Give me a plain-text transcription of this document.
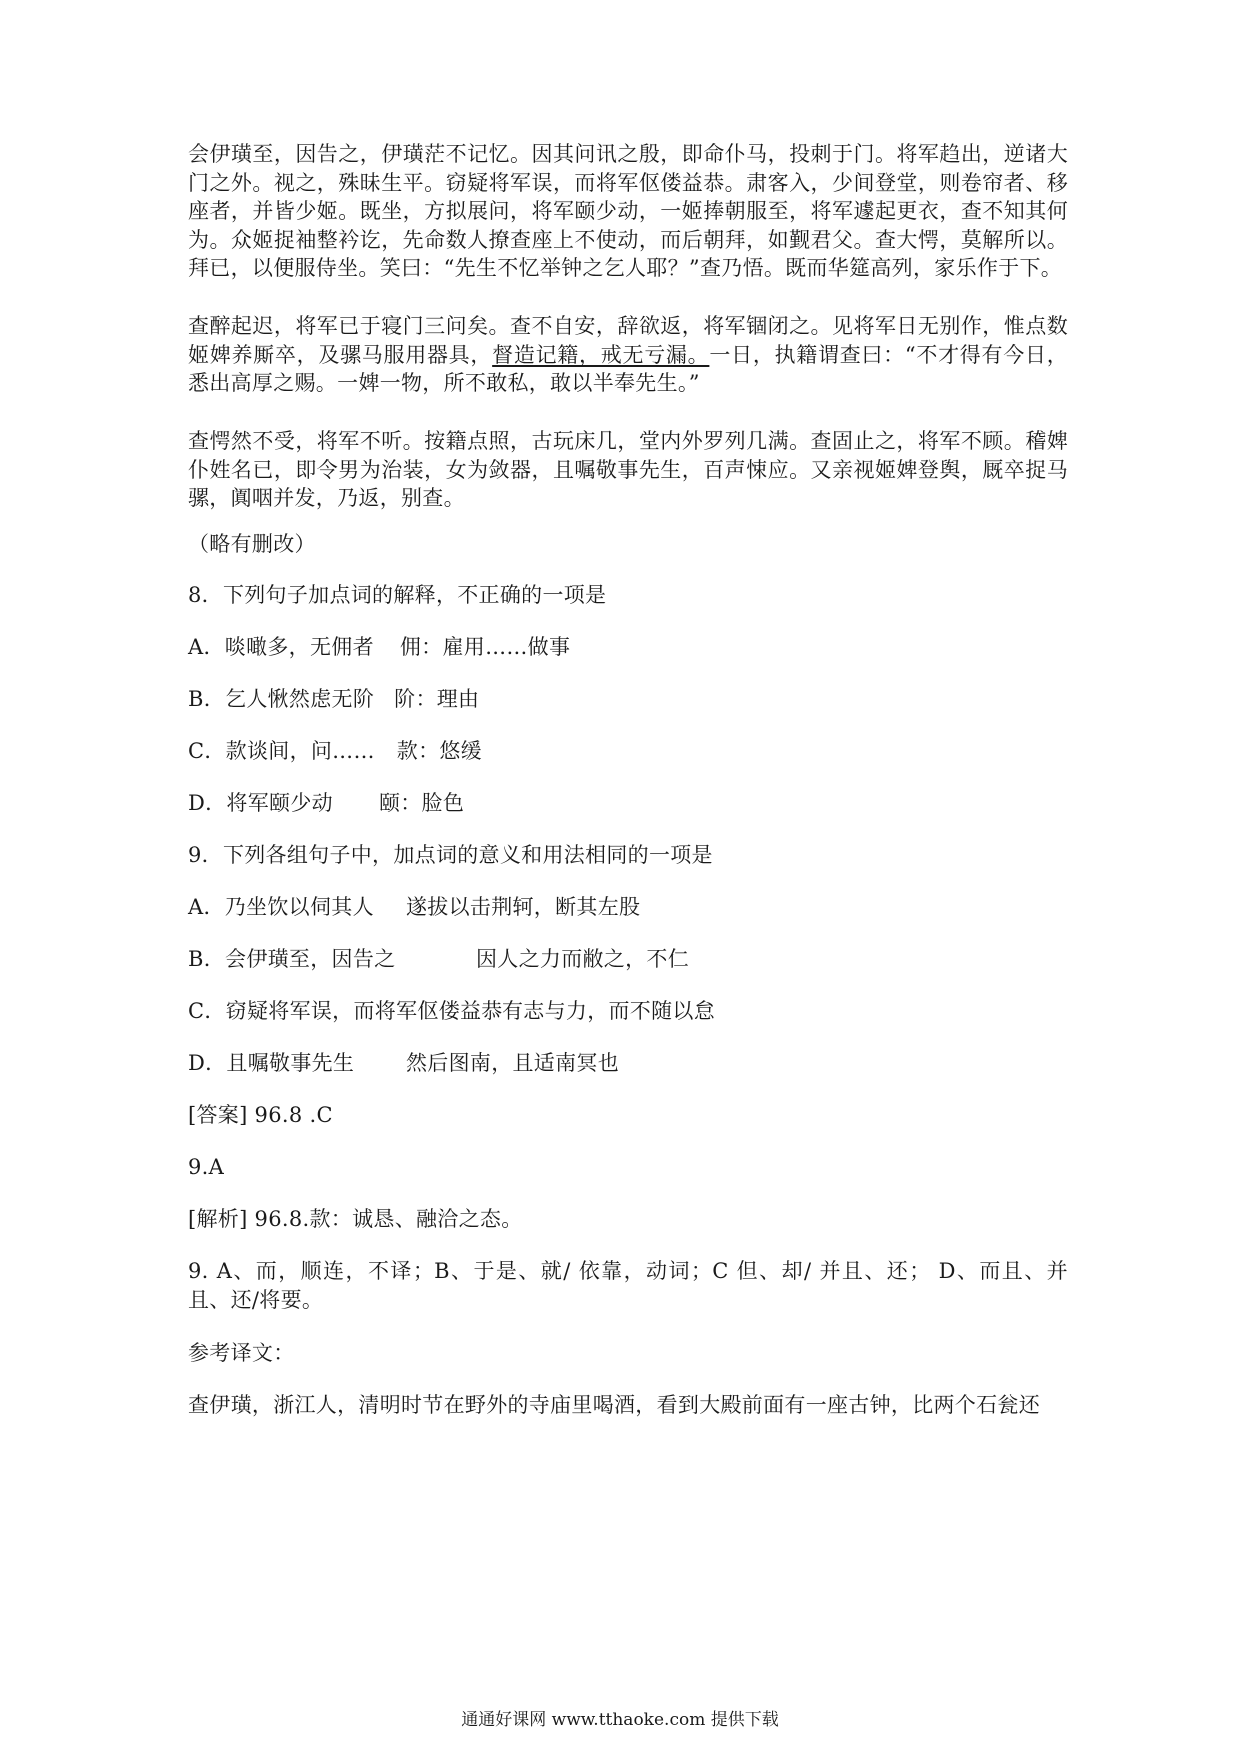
会伊璜至，因告之，伊璜茫不记忆。因其问讯之殷，即命仆马，投刺于门。将军趋出，逆诸大门之外。视之，殊昧生平。窃疑将军误，而将军伛偻益恭。肃客入，少间登堂，则卷帘者、移座者，并皆少姬。既坐，方拟展问，将军颐少动，一姬捧朝服至，将军遽起更衣，查不知其何为。众姬捉袖整衿讫，先命数人撩查座上不使动，而后朝拜，如觐君父。查大愕，莫解所以。拜已，以便服侍坐。笑曰：“先生不忆举钟之乞人耶？”查乃悟。既而华筵高列，家乐作于下。

查醉起迟，将军已于寝门三问矣。查不自安，辞欲返，将军锢闭之。见将军日无别作，惟点数姬婢养厮卒，及骡马服用器具，督造记籍，戒无亏漏。一日，执籍谓查曰：“不才得有今日，悉出高厚之赐。一婢一物，所不敢私，敢以半奉先生。”

查愕然不受，将军不听。按籍点照，古玩床几，堂内外罗列几满。查固止之，将军不顾。稽婢仆姓名已，即令男为治装，女为敛器，且嘱敬事先生，百声悚应。又亲视姬婢登舆，厩卒捉马骡，阗咽并发，乃返，别查。

（略有删改）

8．下列句子加点词的解释，不正确的一项是

A．啖噉多，无佣者 佣：雇用……做事

B．乞人愀然虑无阶 阶：理由

C．款谈间，问…… 款：悠缓

D．将军颐少动 颐：脸色

9．下列各组句子中，加点词的意义和用法相同的一项是

A．乃坐饮以伺其人 遂拔以击荆轲，断其左股

B．会伊璜至，因告之	因人之力而敝之，不仁

C．窃疑将军误，而将军伛偻益恭 有志与力，而不随以怠

D．且嘱敬事先生 然后图南，且适南冥也

[答案] 96.8 .C

9.A

[解析] 96.8.款：诚恳、融洽之态。

9. A、而，顺连，不译；B、于是、就/ 依靠，动词；C 但、却/ 并且、还； D、而且、并且、还/将要。

参考译文：

查伊璜，浙江人，清明时节在野外的寺庙里喝酒，看到大殿前面有一座古钟，比两个石瓮还

通通好课网 www.tthaoke.com 提供下载
